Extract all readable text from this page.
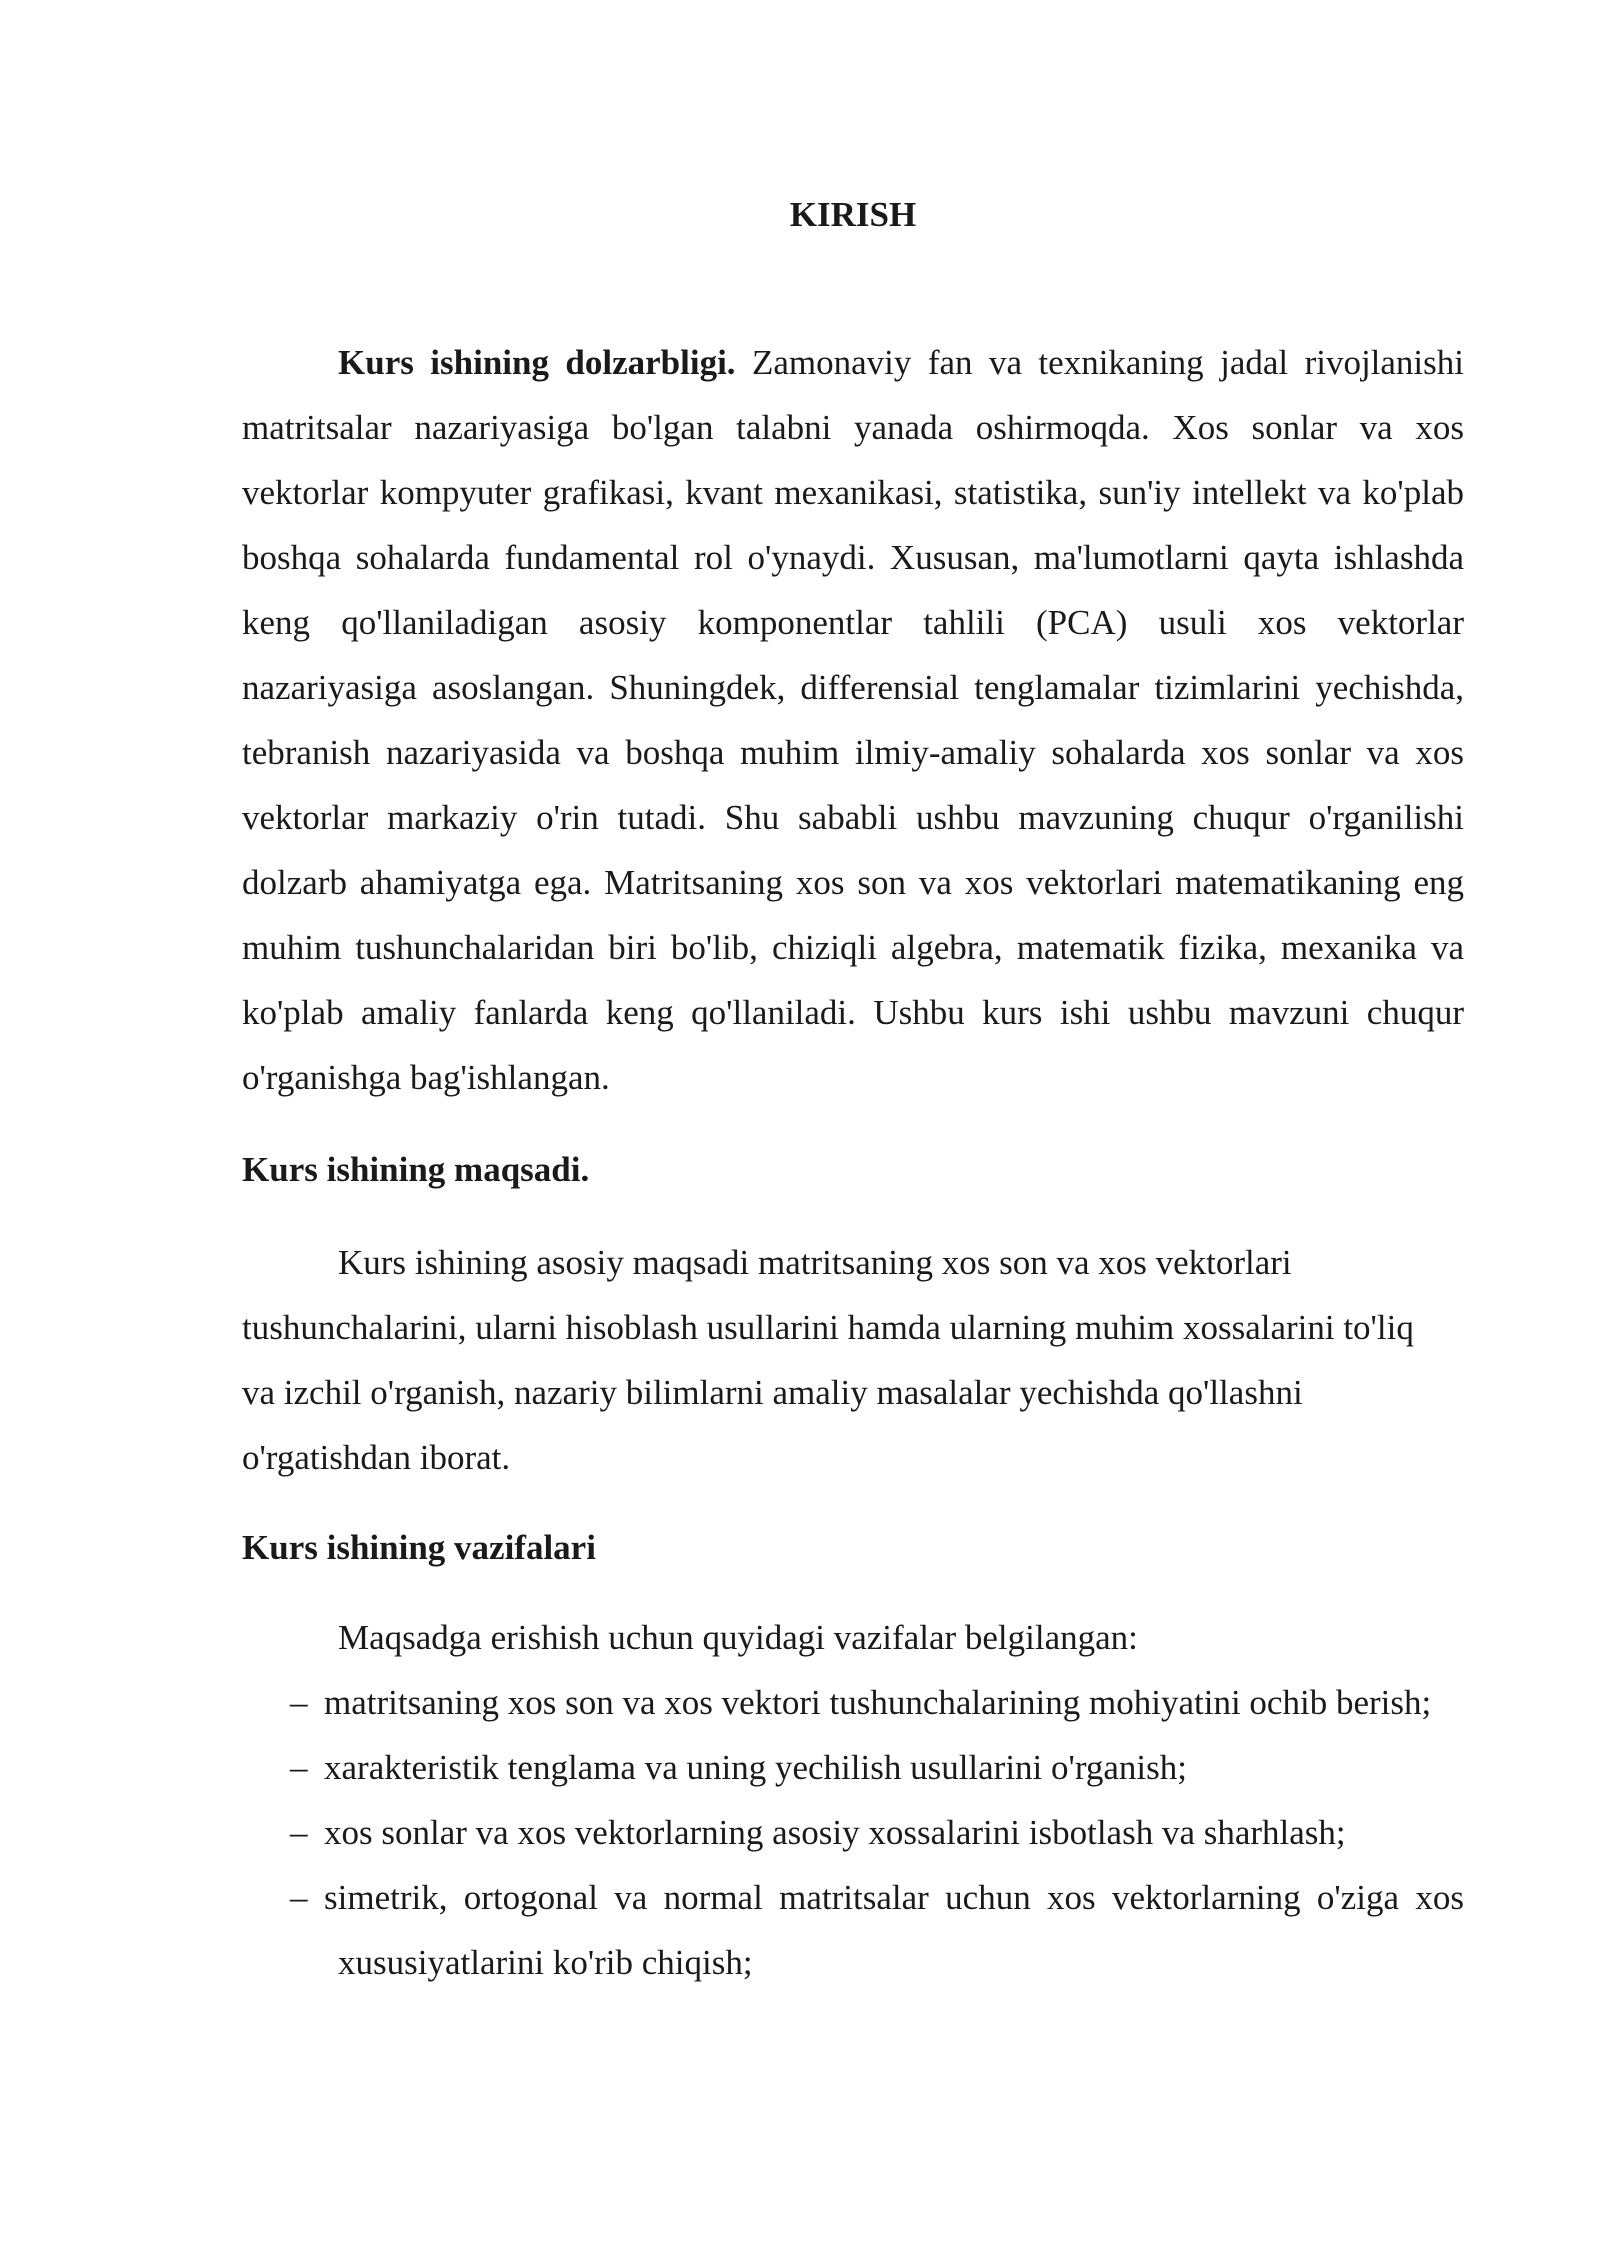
KIRISH

Kurs ishining dolzarbligi. Zamonaviy fan va texnikaning jadal rivojlanishi matritsalar nazariyasiga bo'lgan talabni yanada oshirmoqda. Xos sonlar va xos vektorlar kompyuter grafikasi, kvant mexanikasi, statistika, sun'iy intellekt va ko'plab boshqa sohalarda fundamental rol o'ynaydi. Xususan, ma'lumotlarni qayta ishlashda keng qo'llaniladigan asosiy komponentlar tahlili (PCA) usuli xos vektorlar nazariyasiga asoslangan. Shuningdek, differensial tenglamalar tizimlarini yechishda, tebranish nazariyasida va boshqa muhim ilmiy-amaliy sohalarda xos sonlar va xos vektorlar markaziy o'rin tutadi. Shu sababli ushbu mavzuning chuqur o'rganilishi dolzarb ahamiyatga ega. Matritsaning xos son va xos vektorlari matematikaning eng muhim tushunchalaridan biri bo'lib, chiziqli algebra, matematik fizika, mexanika va ko'plab amaliy fanlarda keng qo'llaniladi. Ushbu kurs ishi ushbu mavzuni chuqur o'rganishga bag'ishlangan.

Kurs ishining maqsadi.

Kurs ishining asosiy maqsadi matritsaning xos son va xos vektorlari tushunchalarini, ularni hisoblash usullarini hamda ularning muhim xossalarini to'liq va izchil o'rganish, nazariy bilimlarni amaliy masalalar yechishda qo'llashni o'rgatishdan iborat.

Kurs ishining vazifalari

Maqsadga erishish uchun quyidagi vazifalar belgilangan:

– matritsaning xos son va xos vektori tushunchalarining mohiyatini ochib berish;
– xarakteristik tenglama va uning yechilish usullarini o'rganish;
– xos sonlar va xos vektorlarning asosiy xossalarini isbotlash va sharhlash;
– simetrik, ortogonal va normal matritsalar uchun xos vektorlarning o'ziga xos xususiyatlarini ko'rib chiqish;
